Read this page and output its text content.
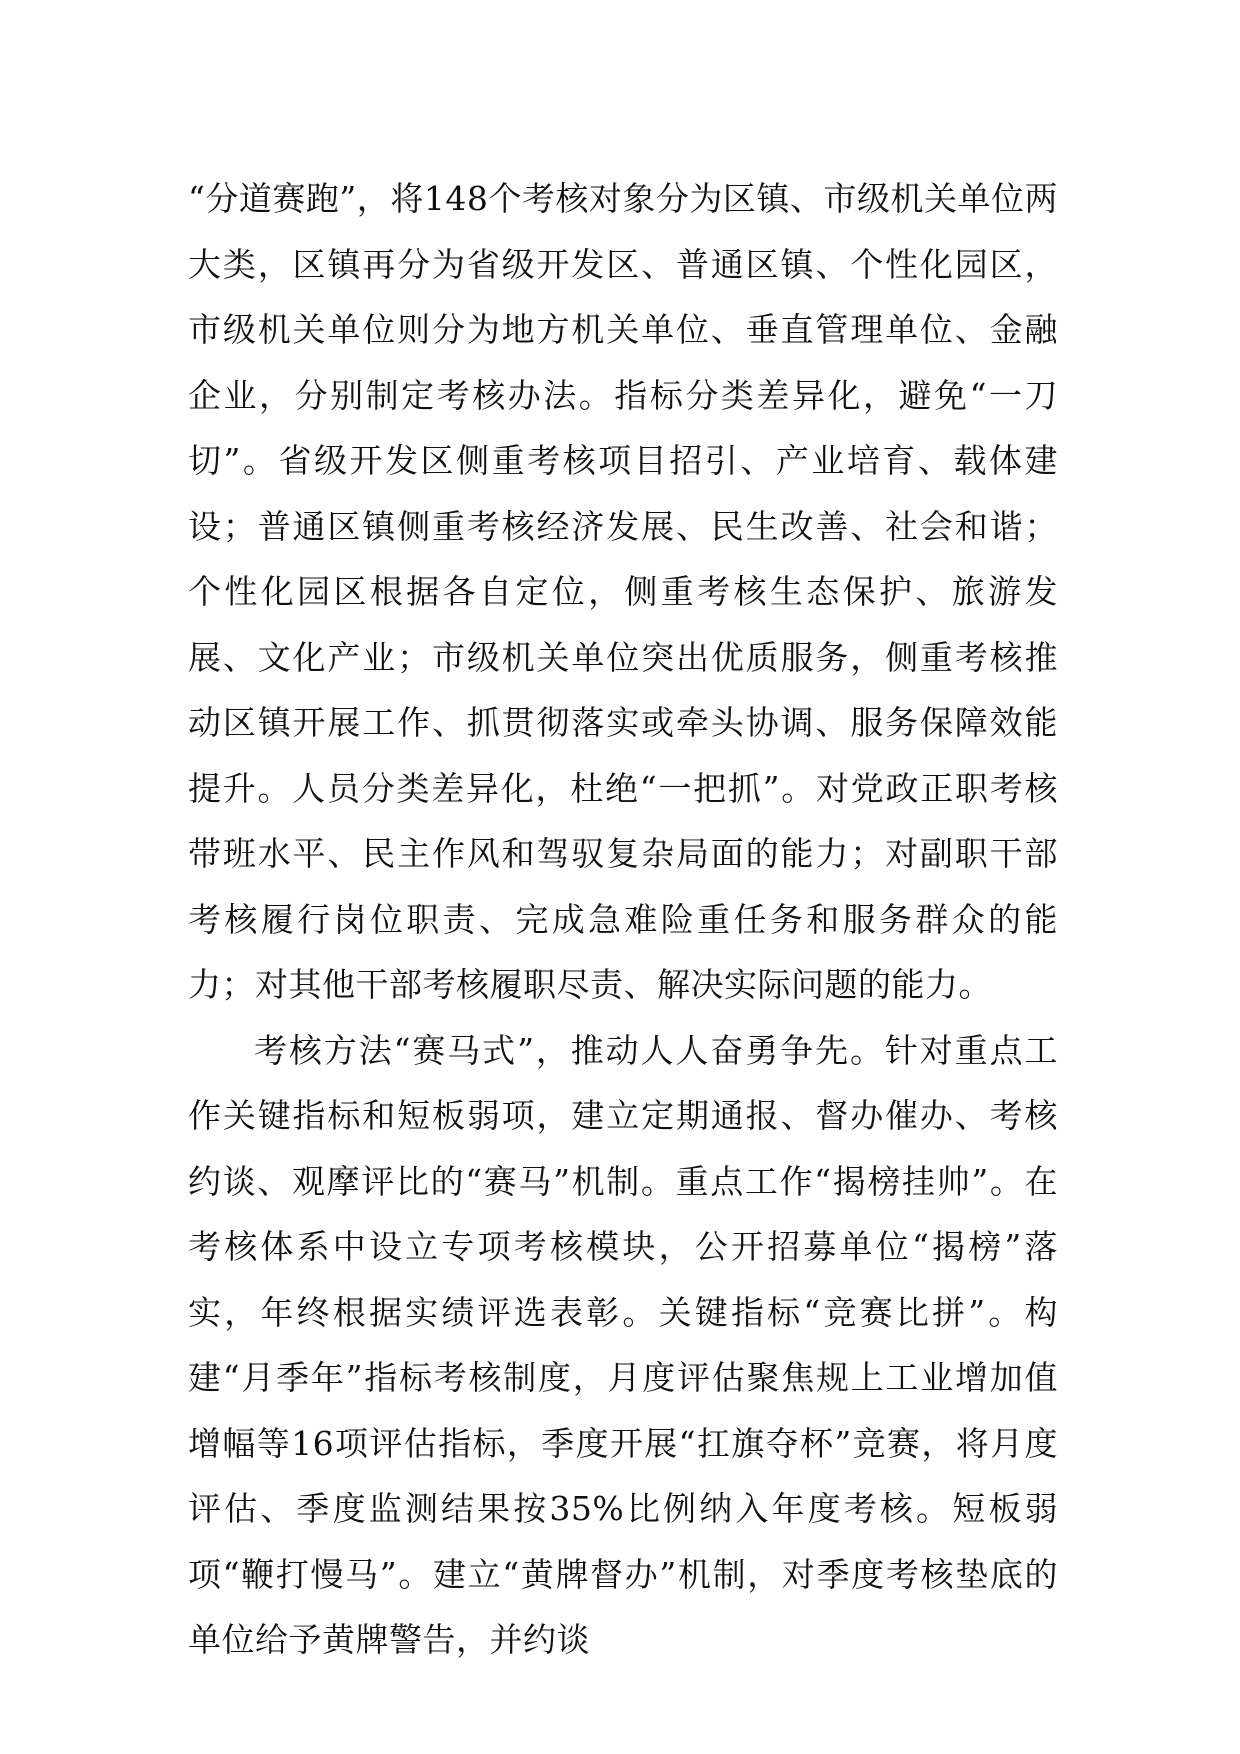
“分道赛跑”，将148个考核对象分为区镇、市级机关单位两大类，区镇再分为省级开发区、普通区镇、个性化园区，市级机关单位则分为地方机关单位、垂直管理单位、金融企业，分别制定考核办法。指标分类差异化，避免“一刀切”。省级开发区侧重考核项目招引、产业培育、载体建设；普通区镇侧重考核经济发展、民生改善、社会和谐；个性化园区根据各自定位，侧重考核生态保护、旅游发展、文化产业；市级机关单位突出优质服务，侧重考核推动区镇开展工作、抓贯彻落实或牵头协调、服务保障效能提升。人员分类差异化，杜绝“一把抓”。对党政正职考核带班水平、民主作风和驾驭复杂局面的能力；对副职干部考核履行岗位职责、完成急难险重任务和服务群众的能力；对其他干部考核履职尽责、解决实际问题的能力。

考核方法“赛马式”，推动人人奋勇争先。针对重点工作关键指标和短板弱项，建立定期通报、督办催办、考核约谈、观摩评比的“赛马”机制。重点工作“揭榜挂帅”。在考核体系中设立专项考核模块，公开招募单位“揭榜”落实，年终根据实绩评选表彰。关键指标“竞赛比拼”。构建“月季年”指标考核制度，月度评估聚焦规上工业增加值增幅等16项评估指标，季度开展“扛旗夺杯”竞赛，将月度评估、季度监测结果按35%比例纳入年度考核。短板弱项“鞭打慢马”。建立“黄牌督办”机制，对季度考核垫底的单位给予黄牌警告，并约谈
